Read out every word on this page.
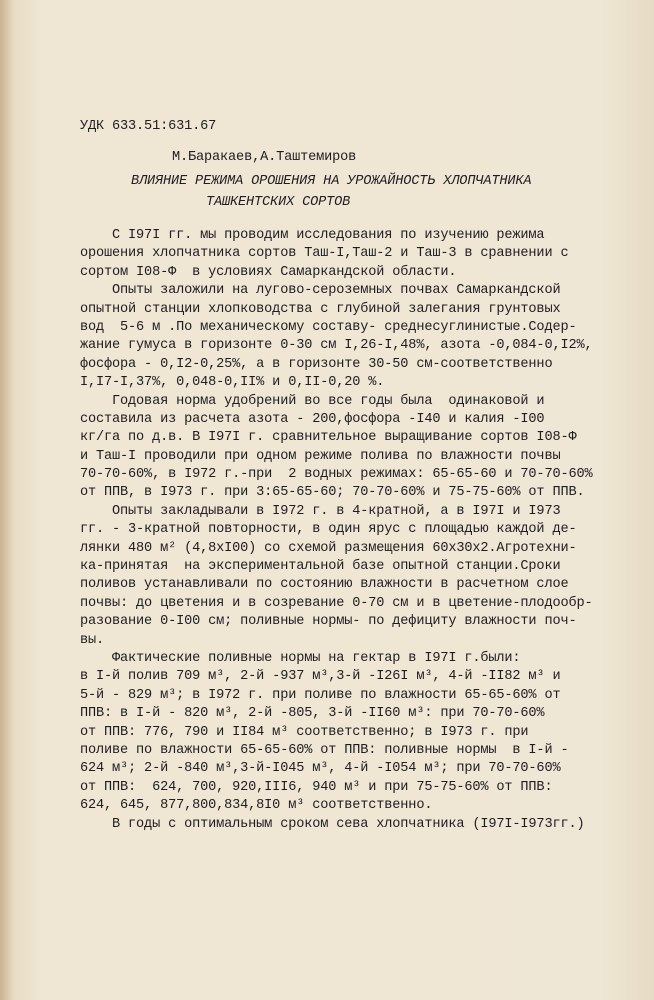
УДК 633.51:631.67
М.Баракаев,А.Таштемиров
ВЛИЯНИЕ РЕЖИМА ОРОШЕНИЯ НА УРОЖАЙНОСТЬ ХЛОПЧАТНИКА
ТАШКЕНТСКИХ СОРТОВ
С I97I гг. мы проводим исследования по изучению режима
орошения хлопчатника сортов Таш-I,Таш-2 и Таш-3 в сравнении с
сортом I08-Ф  в условиях Самаркандской области.
Опыты заложили на лугово-сероземных почвах Самаркандской
опытной станции хлопководства с глубиной залегания грунтовых
вод  5-6 м .По механическому составу- среднесуглинистые.Содер-
жание гумуса в горизонте 0-30 см I,26-I,48%, азота -0,084-0,I2%,
фосфора - 0,I2-0,25%, а в горизонте 30-50 см-соответственно
I,I7-I,37%, 0,048-0,II% и 0,II-0,20 %.
Годовая норма удобрений во все годы была  одинаковой и
составила из расчета азота - 200,фосфора -I40 и калия -I00
кг/га по д.в. В I97I г. сравнительное выращивание сортов I08-Ф
и Таш-I проводили при одном режиме полива по влажности почвы
70-70-60%, в I972 г.-при  2 водных режимах: 65-65-60 и 70-70-60%
от ППВ, в I973 г. при 3:65-65-60; 70-70-60% и 75-75-60% от ППВ.
Опыты закладывали в I972 г. в 4-кратной, а в I97I и I973
гг. - 3-кратной повторности, в один ярус с площадью каждой де-
лянки 480 м² (4,8хI00) со схемой размещения 60х30х2.Агротехни-
ка-принятая  на экспериментальной базе опытной станции.Сроки
поливов устанавливали по состоянию влажности в расчетном слое
почвы: до цветения и в созревание 0-70 см и в цветение-плодообр-
разование 0-I00 см; поливные нормы- по дефициту влажности поч-
вы.
Фактические поливные нормы на гектар в I97I г.были:
в I-й полив 709 м³, 2-й -937 м³,3-й -I26I м³, 4-й -II82 м³ и
5-й - 829 м³; в I972 г. при поливе по влажности 65-65-60% от
ППВ: в I-й - 820 м³, 2-й -805, 3-й -II60 м³: при 70-70-60%
от ППВ: 776, 790 и II84 м³ соответственно; в I973 г. при
поливе по влажности 65-65-60% от ППВ: поливные нормы  в I-й -
624 м³; 2-й -840 м³,3-й-I045 м³, 4-й -I054 м³; при 70-70-60%
от ППВ:  624, 700, 920,III6, 940 м³ и при 75-75-60% от ППВ:
624, 645, 877,800,834,8I0 м³ соответственно.
В годы с оптимальным сроком сева хлопчатника (I97I-I973гг.)
